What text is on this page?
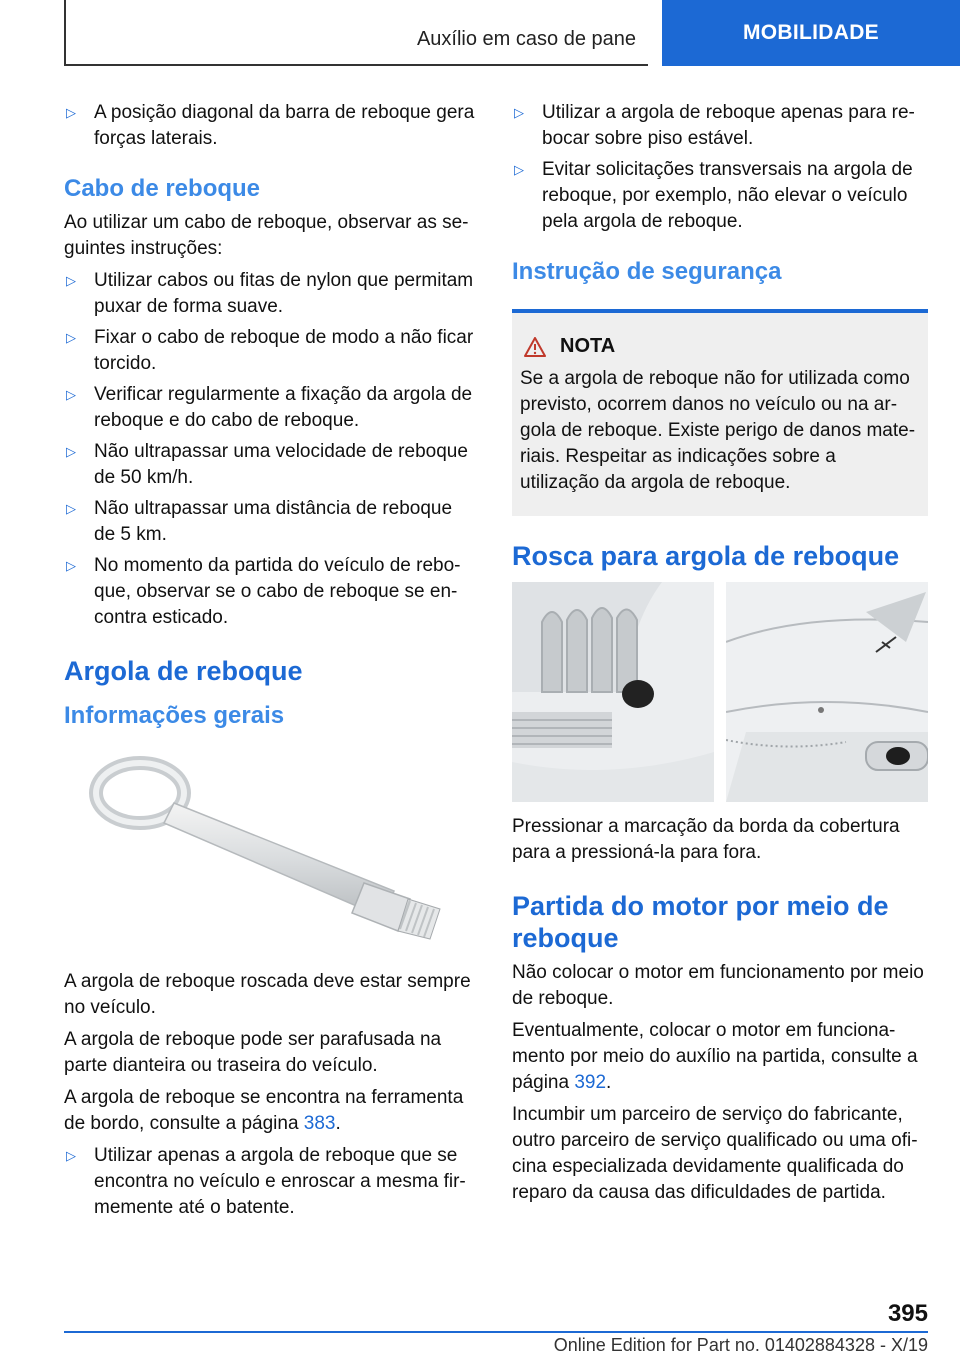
Auxílio em caso de pane	MOBILIDADE
▷ A posição diagonal da barra de reboque gera forças laterais.
Cabo de reboque

Ao utilizar um cabo de reboque, observar as seguintes instruções:

▷ Utilizar cabos ou fitas de nylon que permitam puxar de forma suave.
▷ Fixar o cabo de reboque de modo a não ficar torcido.
▷ Verificar regularmente a fixação da argola de reboque e do cabo de reboque.
▷ Não ultrapassar uma velocidade de reboque de 50 km/h.
▷ Não ultrapassar uma distância de reboque de 5 km.
▷ No momento da partida do veículo de reboque, observar se o cabo de reboque se encontra esticado.
Argola de reboque
Informações gerais

A argola de reboque roscada deve estar sempre no veículo.

A argola de reboque pode ser parafusada na parte dianteira ou traseira do veículo.

A argola de reboque se encontra na ferramenta de bordo, consulte a página 383.

▷ Utilizar apenas a argola de reboque que se encontra no veículo e enroscar a mesma firmemente até o batente.
▷ Utilizar a argola de reboque apenas para rebocar sobre piso estável.
▷ Evitar solicitações transversais na argola de reboque, por exemplo, não elevar o veículo pela argola de reboque.
Instrução de segurança
NOTA

Se a argola de reboque não for utilizada como previsto, ocorrem danos no veículo ou na argola de reboque. Existe perigo de danos materiais. Respeitar as indicações sobre a utilização da argola de reboque.

Rosca para argola de reboque

Pressionar a marcação da borda da cobertura para a pressioná-la para fora.

Partida do motor por meio de reboque

Não colocar o motor em funcionamento por meio de reboque.

Eventualmente, colocar o motor em funcionamento por meio do auxílio na partida, consulte a página 392.

Incumbir um parceiro de serviço do fabricante, outro parceiro de serviço qualificado ou uma oficina especializada devidamente qualificada do reparo da causa das dificuldades de partida.

395
Online Edition for Part no. 01402884328 - X/19
